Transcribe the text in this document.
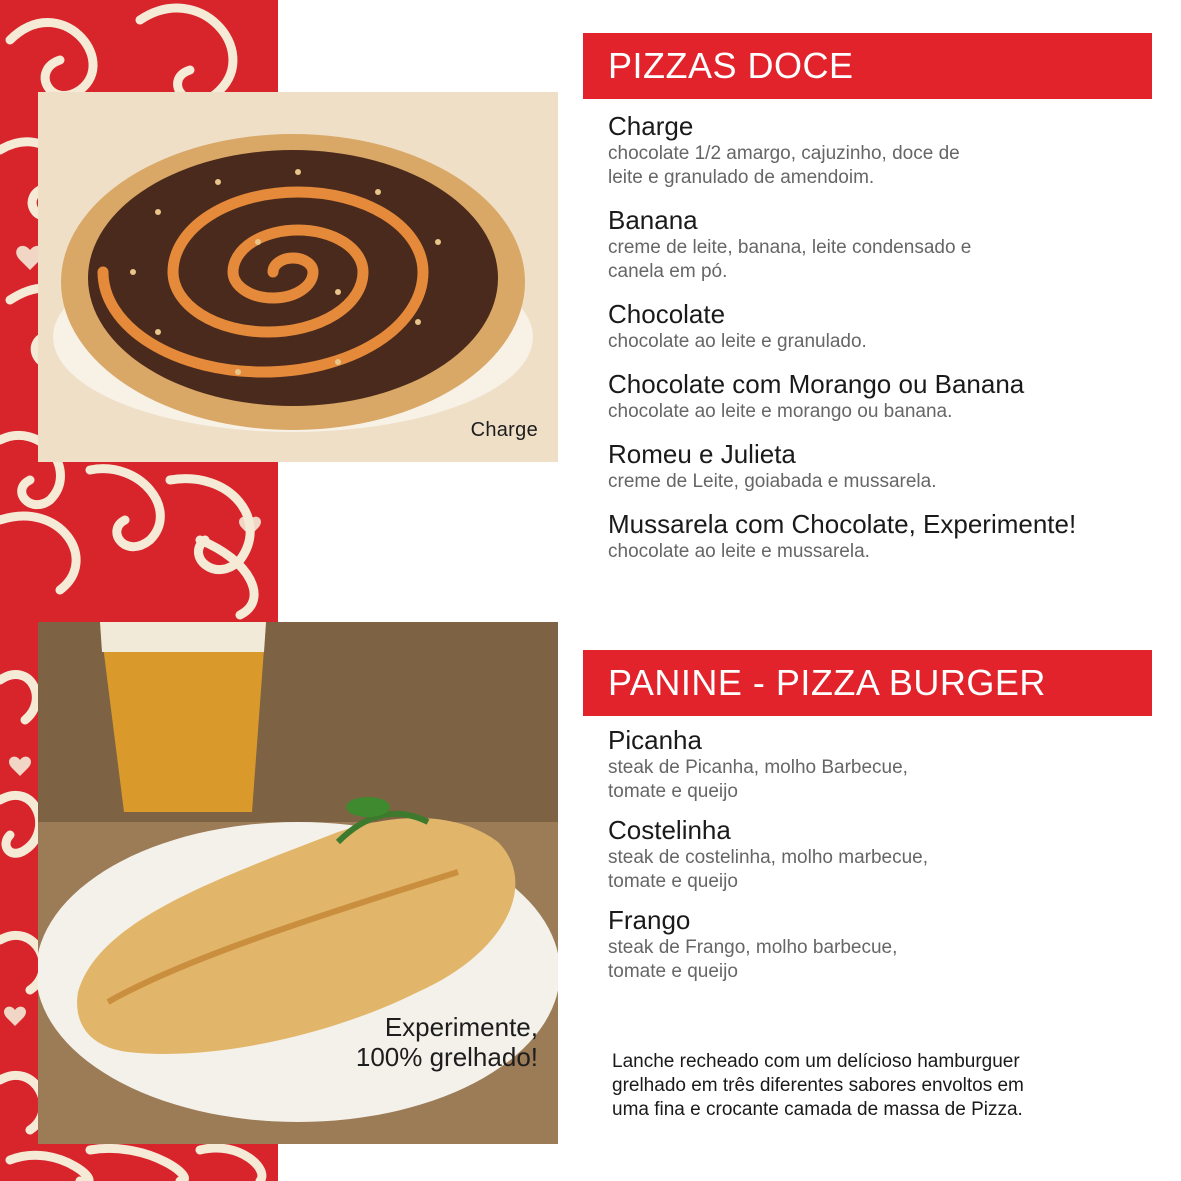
Charge
Experimente,
100% grelhado!
PIZZAS DOCE
Charge
chocolate 1/2 amargo, cajuzinho, doce de
leite e granulado de amendoim.
Banana
creme de leite, banana, leite condensado e
canela em pó.
Chocolate
chocolate ao leite e granulado.
Chocolate com Morango ou Banana
chocolate ao leite e morango ou banana.
Romeu e Julieta
creme de Leite, goiabada e mussarela.
Mussarela com Chocolate, Experimente!
chocolate ao leite e mussarela.
PANINE - PIZZA BURGER
Picanha
steak de Picanha, molho Barbecue,
tomate e queijo
Costelinha
steak de costelinha, molho marbecue,
tomate e queijo
Frango
steak de Frango, molho barbecue,
tomate e queijo
Lanche recheado com um delícioso hamburguer
grelhado em três diferentes sabores envoltos em
uma fina e crocante camada de massa de Pizza.
